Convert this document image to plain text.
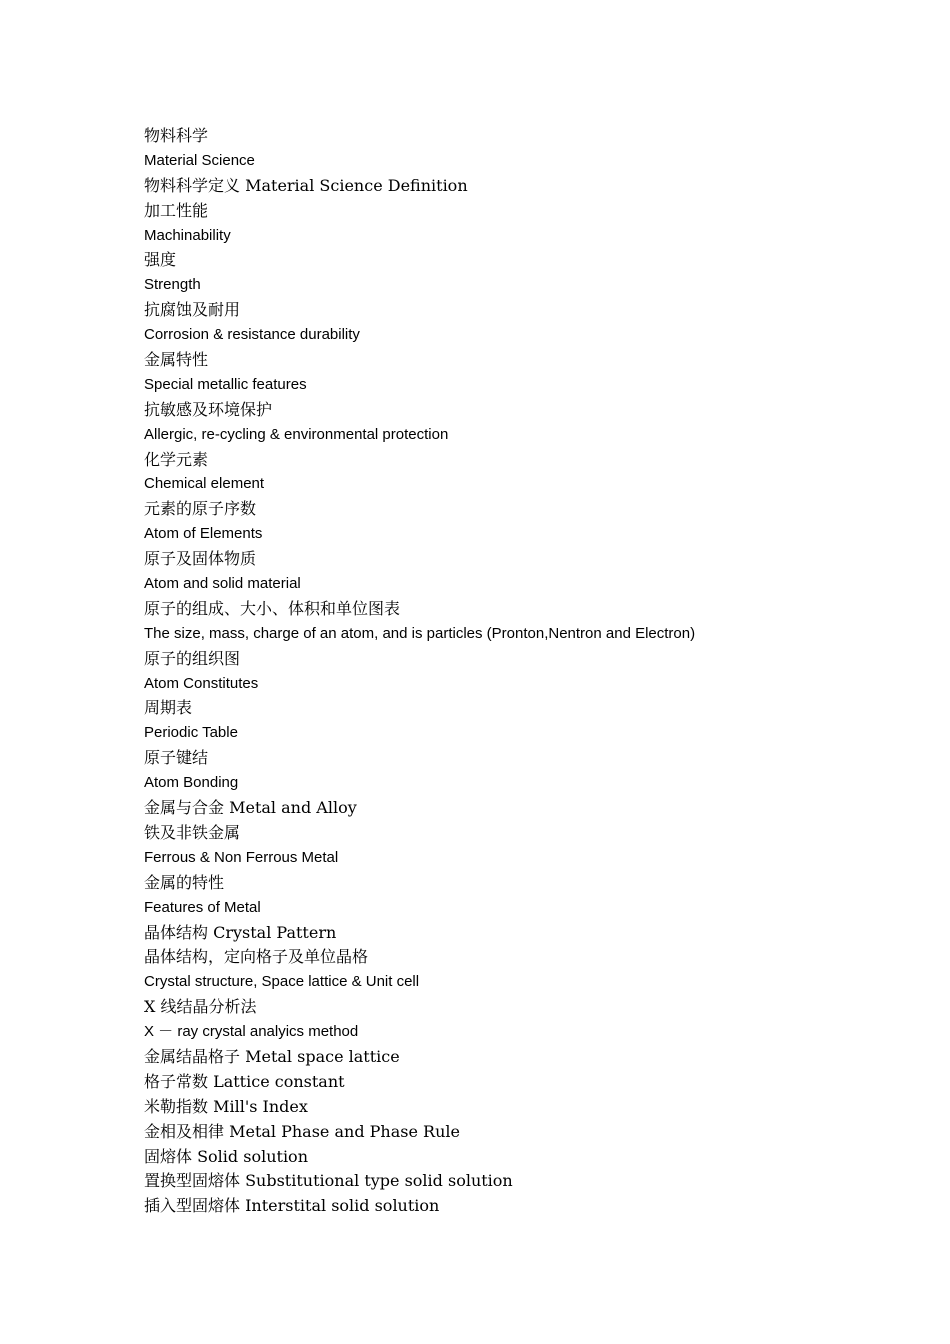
物料科学
Material Science
物料科学定义 Material Science Definition
加工性能
Machinability
强度
Strength
抗腐蚀及耐用
Corrosion & resistance durability
金属特性
Special metallic features
抗敏感及环境保护
Allergic, re-cycling & environmental protection
化学元素
Chemical element
元素的原子序数
Atom of Elements
原子及固体物质
Atom and solid material
原子的组成、大小、体积和单位图表
The size, mass, charge of an atom, and is particles (Pronton,Nentron and Electron)
原子的组织图
Atom Constitutes
周期表
Periodic Table
原子键结
Atom Bonding
金属与合金 Metal and Alloy
铁及非铁金属
Ferrous & Non Ferrous Metal
金属的特性
Features of Metal
晶体结构 Crystal Pattern
晶体结构，定向格子及单位晶格
Crystal structure, Space lattice & Unit cell
X 线结晶分析法
X － ray crystal analyics method
金属结晶格子 Metal space lattice
格子常数 Lattice constant
米勒指数 Mill's Index
金相及相律 Metal Phase and Phase Rule
固熔体 Solid solution
置换型固熔体 Substitutional type solid solution
插入型固熔体 Interstital solid solution
